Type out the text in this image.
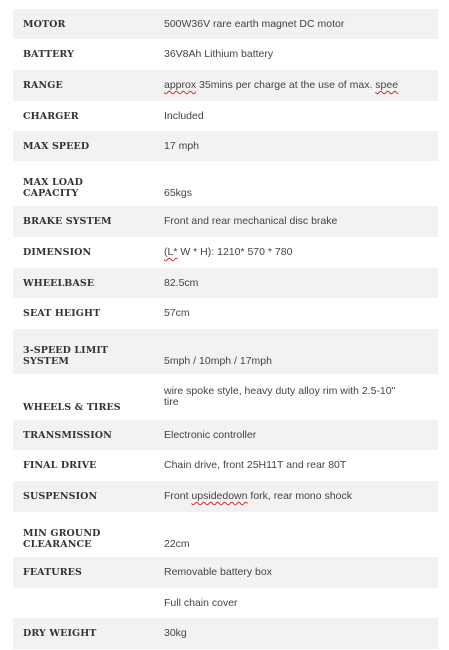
MOTOR	500W36V rare earth magnet DC motor
BATTERY	36V8Ah Lithium battery
RANGE	approx 35mins per charge at the use of max. spee
CHARGER	Included
MAX SPEED	17 mph
MAX LOAD
CAPACITY	65kgs
BRAKE SYSTEM	Front and rear mechanical disc brake
DIMENSION	(L* W * H): 1210* 570 * 780
WHEELBASE	82.5cm
SEAT HEIGHT	57cm
3-SPEED LIMIT
SYSTEM	5mph / 10mph / 17mph
WHEELS & TIRES	wire spoke style, heavy duty alloy rim with 2.5-10"
tire
TRANSMISSION	Electronic controller
FINAL DRIVE	Chain drive, front 25H11T and rear 80T
SUSPENSION	Front upsidedown fork, rear mono shock
MIN GROUND
CLEARANCE	22cm
FEATURES	Removable battery box
	Full chain cover
DRY WEIGHT	30kg
